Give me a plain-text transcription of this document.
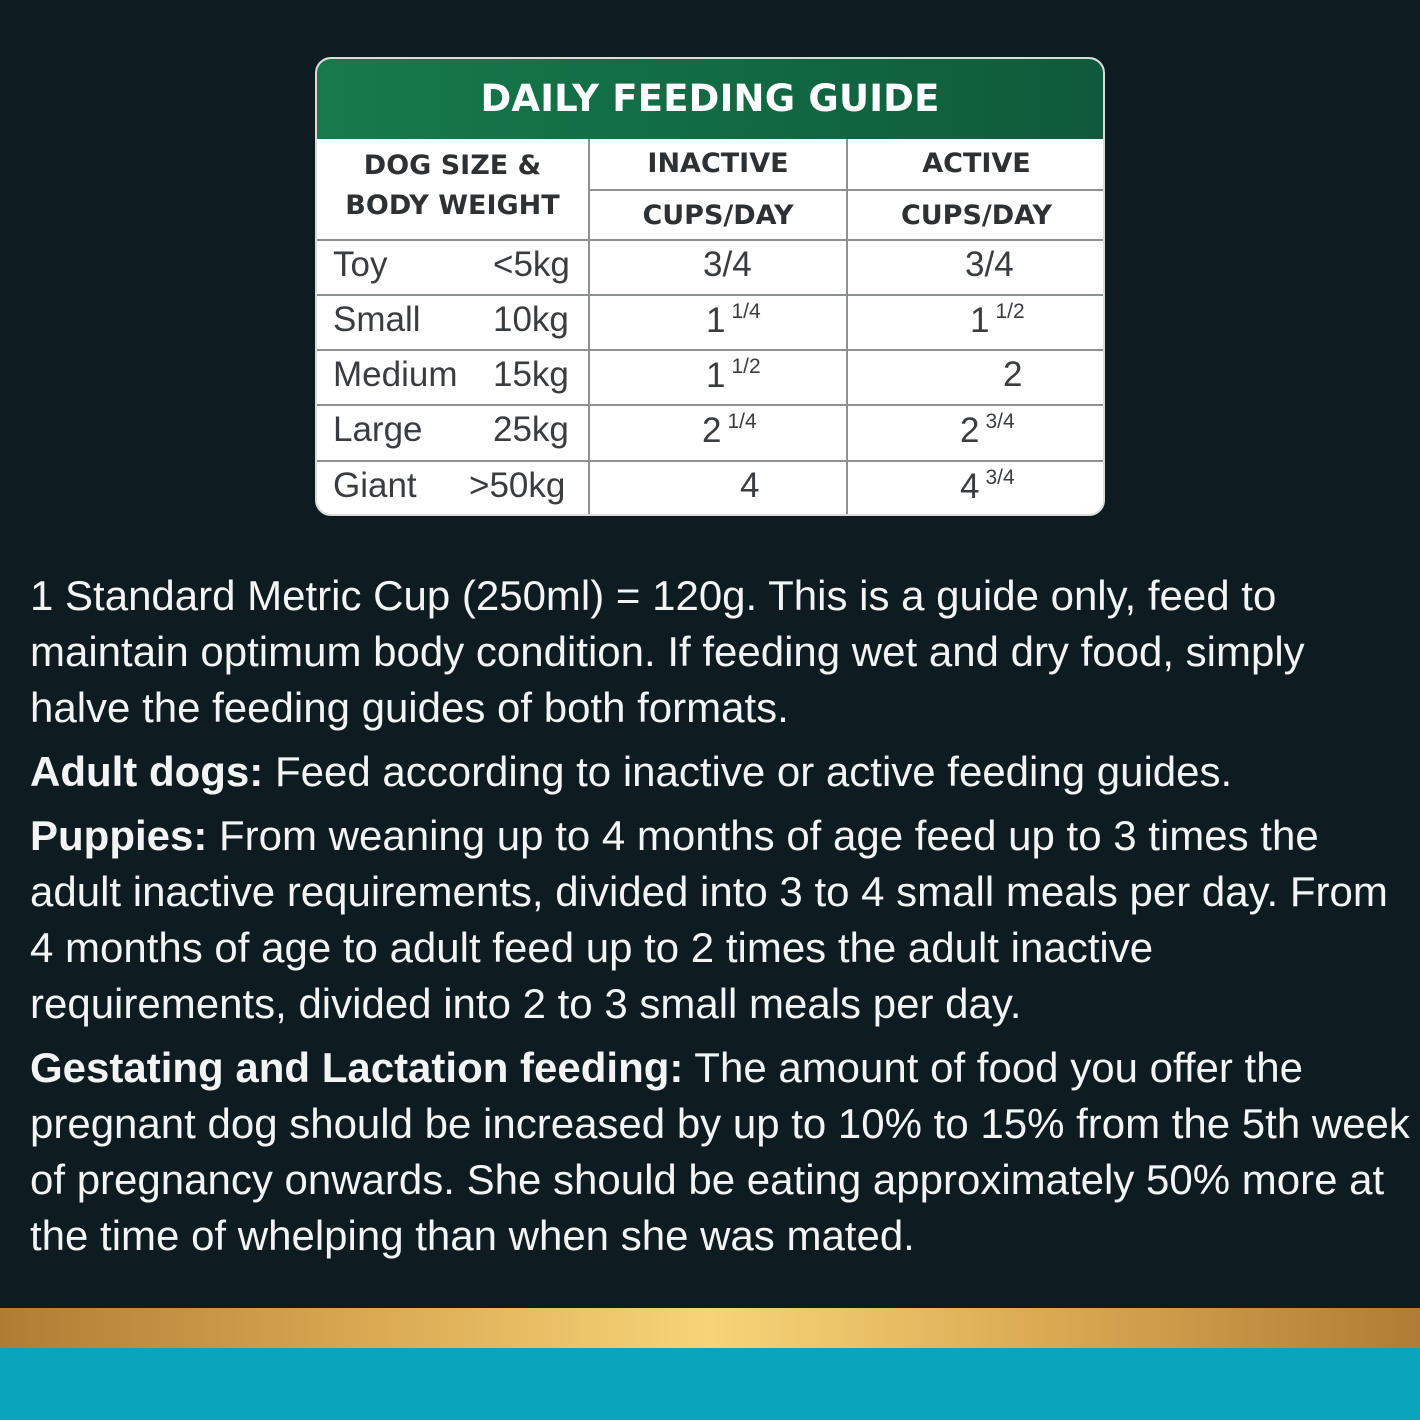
DAILY FEEDING GUIDE
DOG SIZE &
BODY WEIGHT
INACTIVE	ACTIVE
CUPS/DAY	CUPS/DAY
Toy	<5kg	3/4	3/4
Small 10kg	1 $^{1/4}$	1 $^{1/2}$
Medium 15kg	1 $^{1/2}$	2
Large 25kg	2 $^{1/4}$	2 $^{3/4}$
Giant >50kg	4	4 $^{3/4}$
1 Standard Metric Cup (250ml) = 120g. This is a guide only, feed to maintain optimum body condition. If feeding wet and dry food, simply halve the feeding guides of both formats.
Adult dogs: Feed according to inactive or active feeding guides.
Puppies: From weaning up to 4 months of age feed up to 3 times the adult inactive requirements, divided into 3 to 4 small meals per day. From 4 months of age to adult feed up to 2 times the adult inactive requirements, divided into 2 to 3 small meals per day.
Gestating and Lactation feeding: The amount of food you offer the pregnant dog should be increased by up to 10% to 15% from the 5th week of pregnancy onwards. She should be eating approximately 50% more at the time of whelping than when she was mated.
